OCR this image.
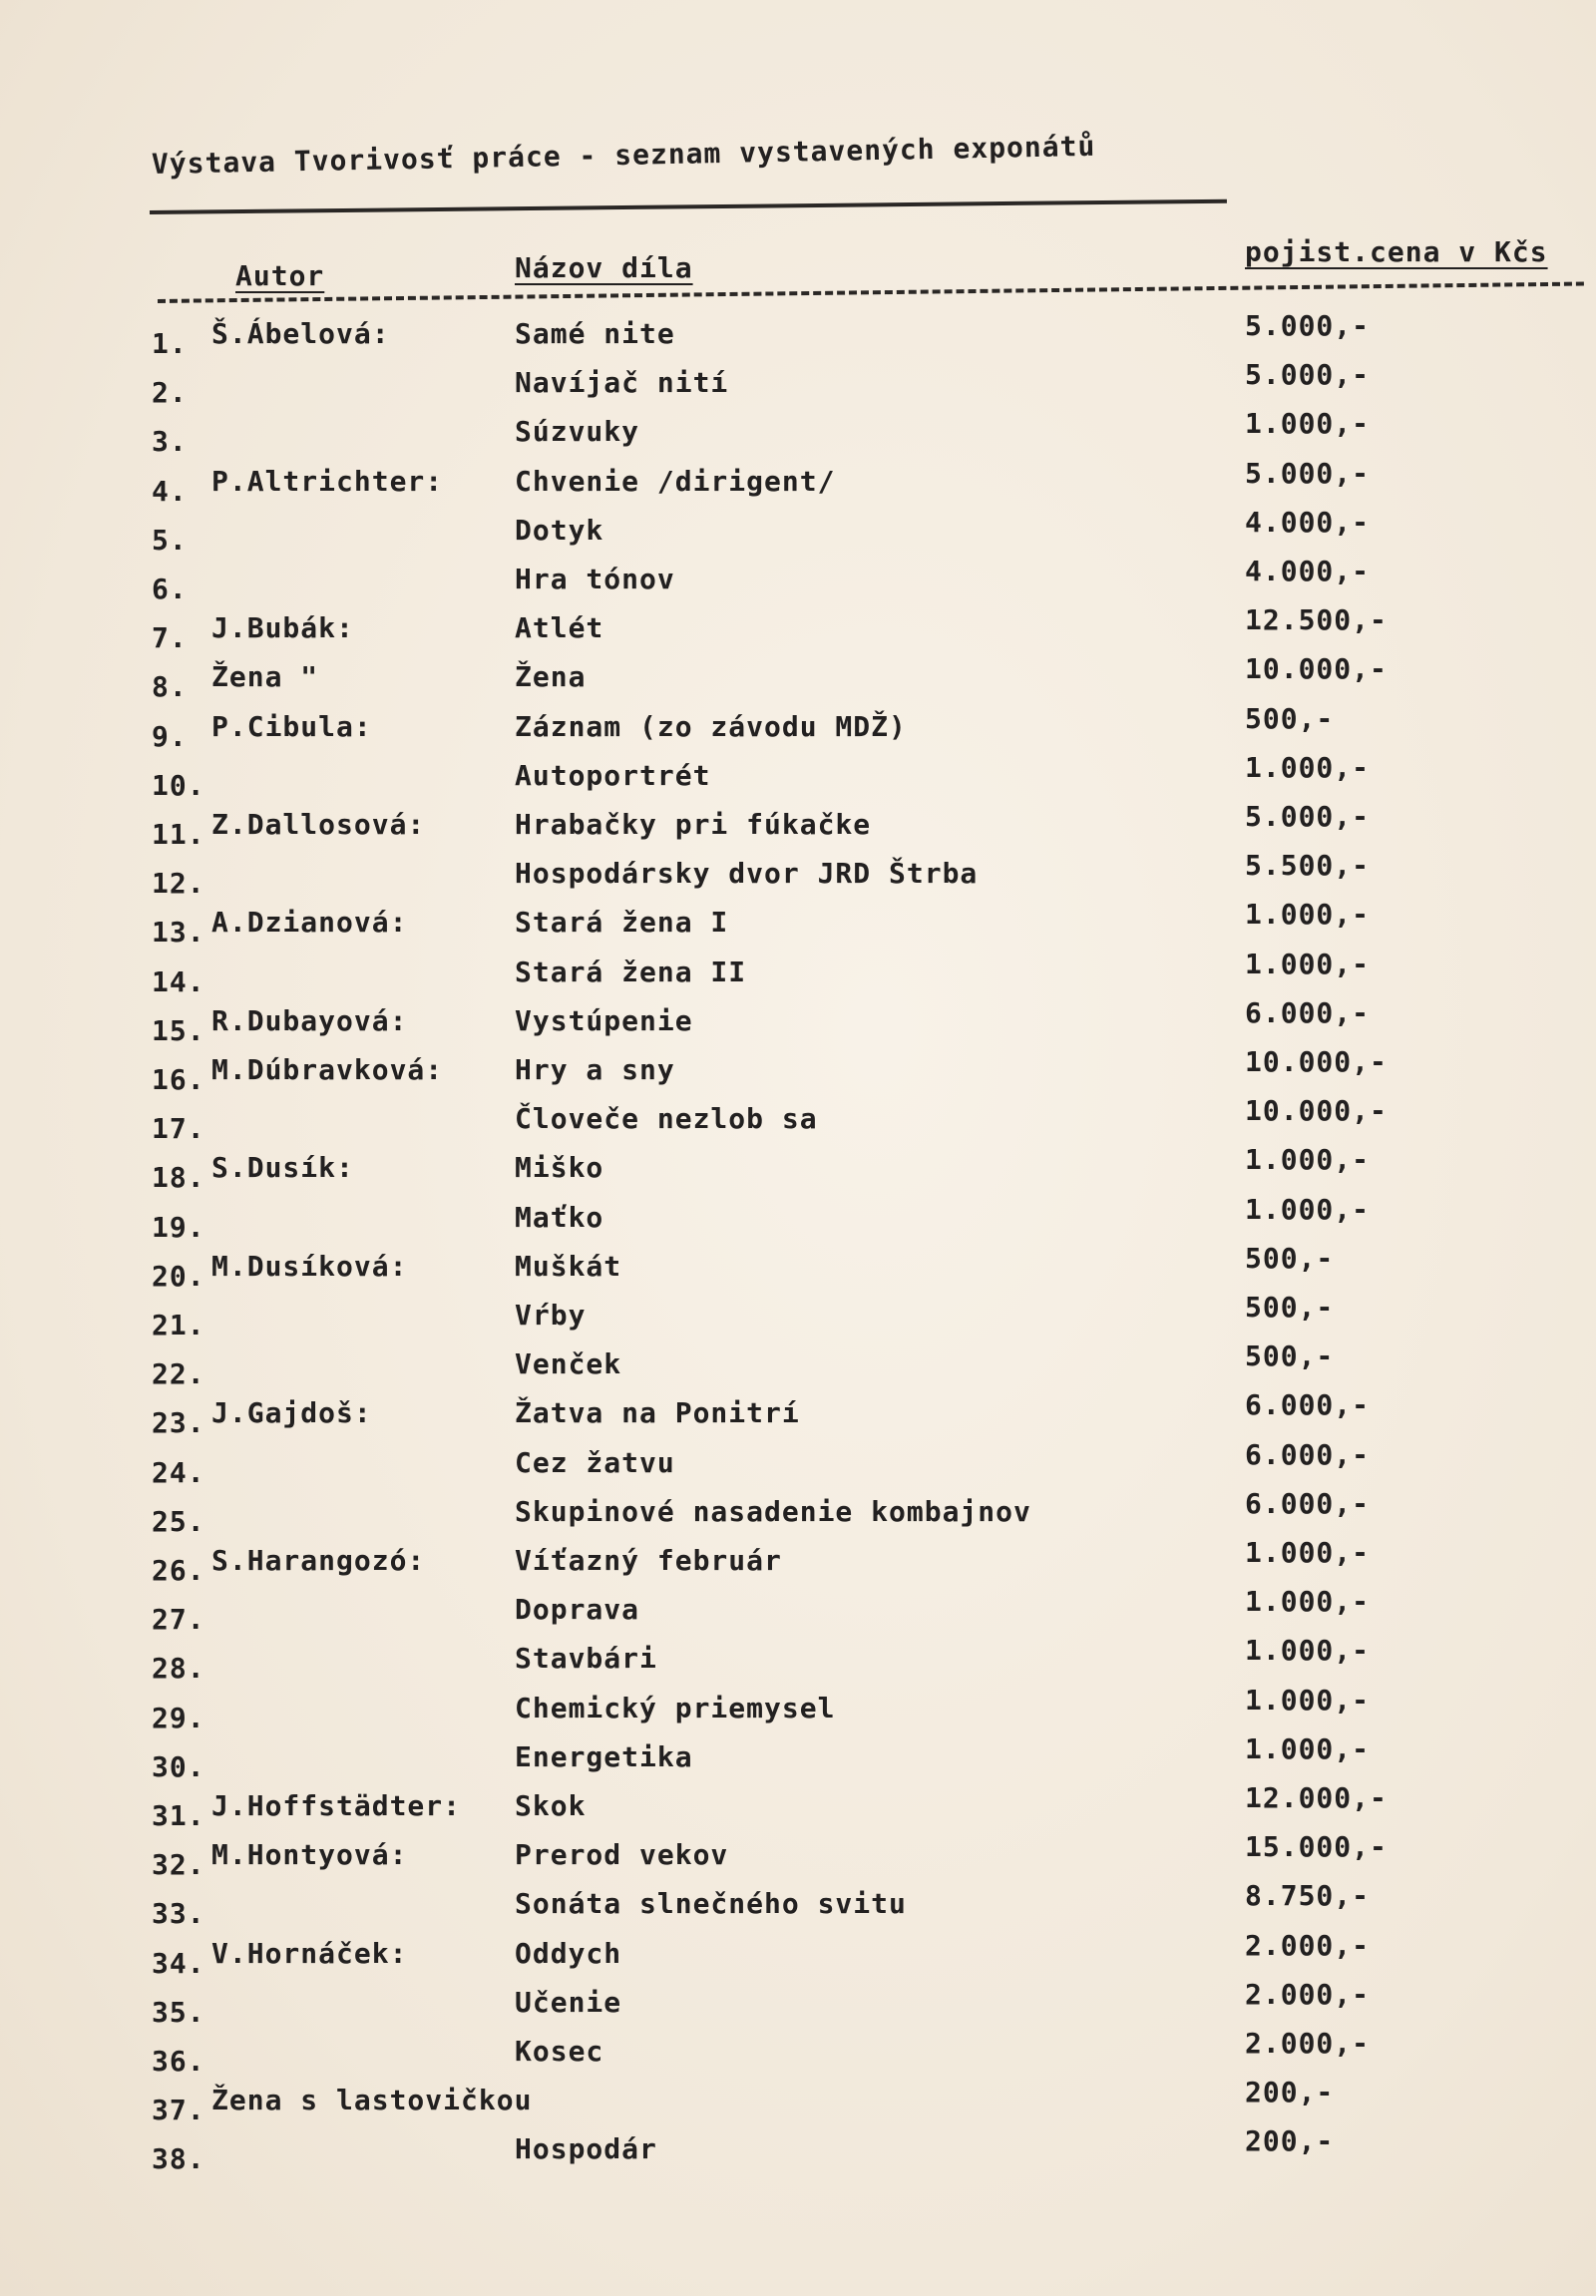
Výstava Tvorivosť práce - seznam vystavených exponátů
Autor	Názov díla	pojist.cena v Kčs
1. Š.Ábelová:	Samé nite	5.000,-
2.	Navíjač nití	5.000,-
3.	Súzvuky	1.000,-
4. P.Altrichter:	Chvenie /dirigent/	5.000,-
5.	Dotyk	4.000,-
6.	Hra tónov	4.000,-
7. J.Bubák:	Atlét	12.500,-
8. Žena "	Žena	10.000,-
9. P.Cibula:	Záznam (zo závodu MDŽ)	500,-
10.	Autoportrét	1.000,-
11. Z.Dallosová:	Hrabačky pri fúkačke	5.000,-
12.	Hospodársky dvor JRD Štrba	5.500,-
13. A.Dzianová:	Stará žena I	1.000,-
14.	Stará žena II	1.000,-
15. R.Dubayová:	Vystúpenie	6.000,-
16. M.Dúbravková:	Hry a sny	10.000,-
17.	Človeče nezlob sa	10.000,-
18. S.Dusík:	Miško	1.000,-
19.	Maťko	1.000,-
20. M.Dusíková:	Muškát	500,-
21.	Vŕby	500,-
22.	Venček	500,-
23. J.Gajdoš:	Žatva na Ponitrí	6.000,-
24.	Cez žatvu	6.000,-
25.	Skupinové nasadenie kombajnov	6.000,-
26. S.Harangozó:	Víťazný február	1.000,-
27.	Doprava	1.000,-
28.	Stavbári	1.000,-
29.	Chemický priemysel	1.000,-
30.	Energetika	1.000,-
31. J.Hoffstädter: Skok	12.000,-
32. M.Hontyová:	Prerod vekov	15.000,-
33.	Sonáta slnečného svitu	8.750,-
34. V.Hornáček:	Oddych	2.000,-
35.	Učenie	2.000,-
36.	Kosec	2.000,-
37. Žena s lastovičkou	200,-
38.	Hospodár	200,-
